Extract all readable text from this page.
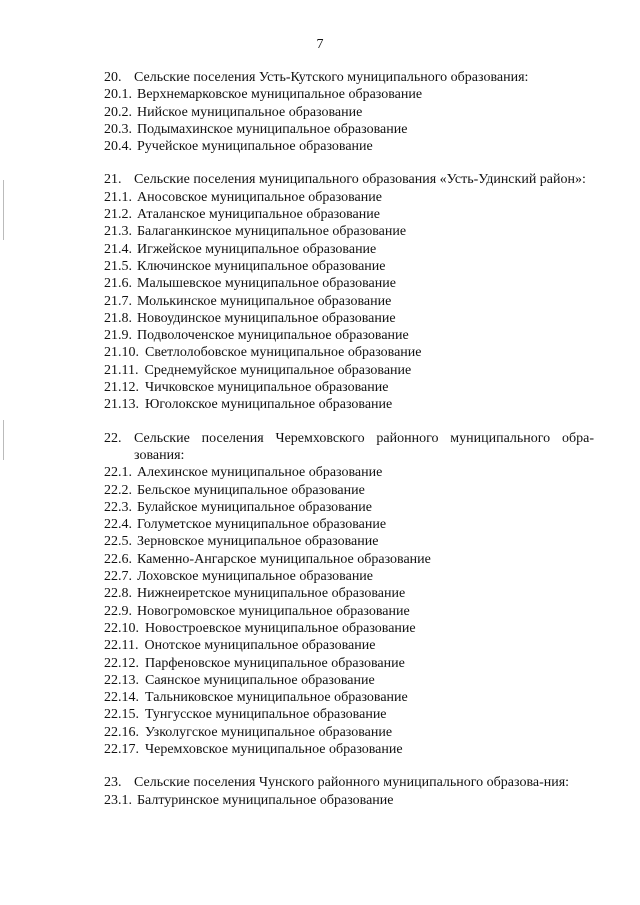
7
20. Сельские поселения Усть-Кутского муниципального образования:
20.1. Верхнемарковское муниципальное образование
20.2. Нийское муниципальное образование
20.3. Подымахинское муниципальное образование
20.4. Ручейское муниципальное образование
21. Сельские поселения муниципального образования «Усть-Удинский район»:
21.1. Аносовское муниципальное образование
21.2. Аталанское муниципальное образование
21.3. Балаганкинское муниципальное образование
21.4. Игжейское муниципальное образование
21.5. Ключинское муниципальное образование
21.6. Малышевское муниципальное образование
21.7. Молькинское муниципальное образование
21.8. Новоудинское муниципальное образование
21.9. Подволоченское муниципальное образование
21.10. Светлолобовское муниципальное образование
21.11. Среднемуйское муниципальное образование
21.12. Чичковское муниципальное образование
21.13. Юголокское муниципальное образование
22. Сельские поселения Черемховского районного муниципального обра-зования:
22.1. Алехинское муниципальное образование
22.2. Бельское муниципальное образование
22.3. Булайское муниципальное образование
22.4. Голуметское муниципальное образование
22.5. Зерновское муниципальное образование
22.6. Каменно-Ангарское муниципальное образование
22.7. Лоховское муниципальное образование
22.8. Нижнеиретское муниципальное образование
22.9. Новогромовское муниципальное образование
22.10. Новостроевское муниципальное образование
22.11. Онотское муниципальное образование
22.12. Парфеновское муниципальное образование
22.13. Саянское муниципальное образование
22.14. Тальниковское муниципальное образование
22.15. Тунгусское муниципальное образование
22.16. Узколугское муниципальное образование
22.17. Черемховское муниципальное образование
23. Сельские поселения Чунского районного муниципального образова-ния:
23.1. Балтуринское муниципальное образование
